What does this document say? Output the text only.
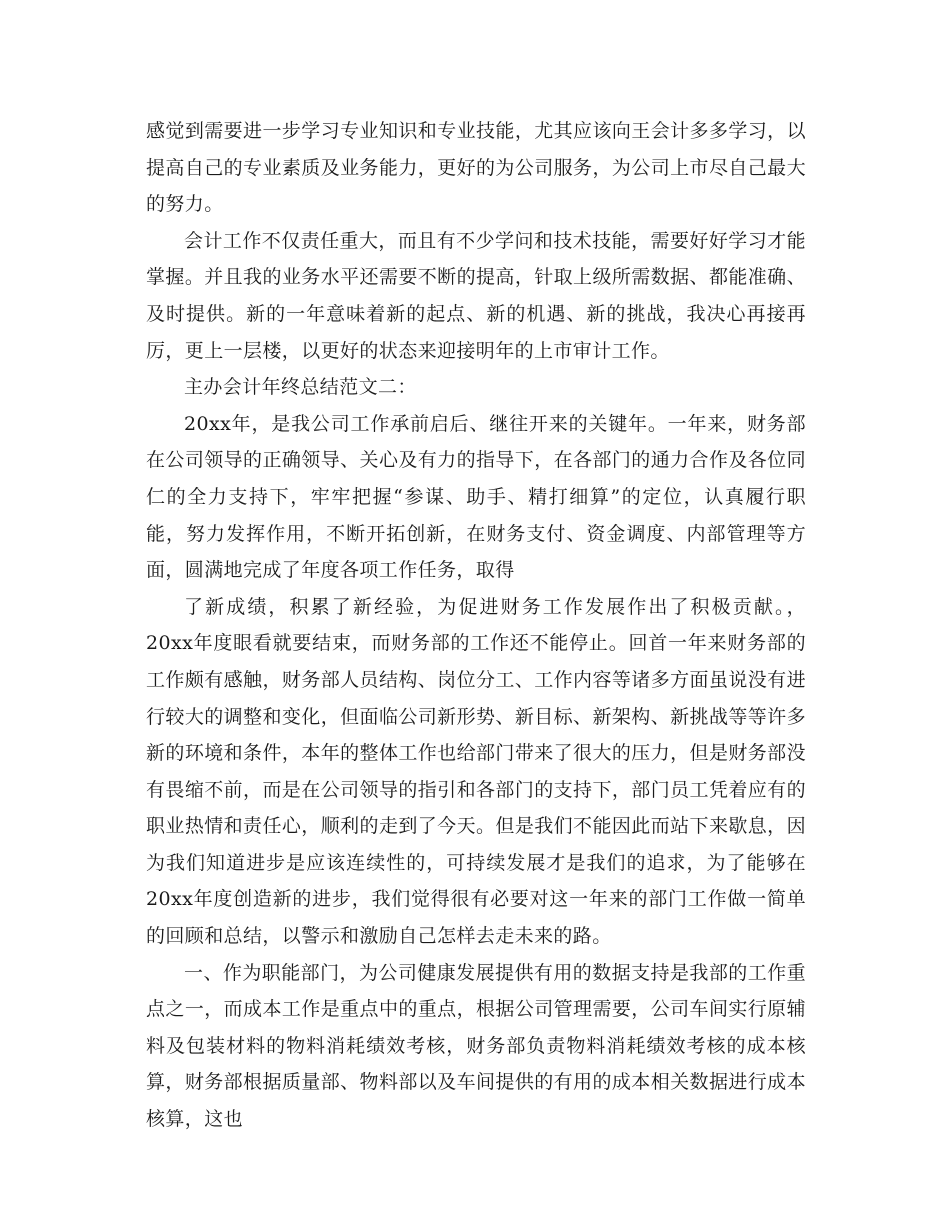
感觉到需要进一步学习专业知识和专业技能，尤其应该向王会计多多学习，以提高自己的专业素质及业务能力，更好的为公司服务，为公司上市尽自己最大的努力。

会计工作不仅责任重大，而且有不少学问和技术技能，需要好好学习才能掌握。并且我的业务水平还需要不断的提高，针取上级所需数据、都能准确、及时提供。新的一年意味着新的起点、新的机遇、新的挑战，我决心再接再厉，更上一层楼，以更好的状态来迎接明年的上市审计工作。

主办会计年终总结范文二：

20xx年，是我公司工作承前启后、继往开来的关键年。一年来，财务部在公司领导的正确领导、关心及有力的指导下，在各部门的通力合作及各位同仁的全力支持下，牢牢把握“参谋、助手、精打细算”的定位，认真履行职能，努力发挥作用，不断开拓创新，在财务支付、资金调度、内部管理等方面，圆满地完成了年度各项工作任务，取得

了新成绩，积累了新经验，为促进财务工作发展作出了积极贡献。， 20xx年度眼看就要结束，而财务部的工作还不能停止。回首一年来财务部的工作颇有感触，财务部人员结构、岗位分工、工作内容等诸多方面虽说没有进行较大的调整和变化，但面临公司新形势、新目标、新架构、新挑战等等许多新的环境和条件，本年的整体工作也给部门带来了很大的压力，但是财务部没有畏缩不前，而是在公司领导的指引和各部门的支持下，部门员工凭着应有的职业热情和责任心，顺利的走到了今天。但是我们不能因此而站下来歇息，因为我们知道进步是应该连续性的，可持续发展才是我们的追求，为了能够在20xx年度创造新的进步，我们觉得很有必要对这一年来的部门工作做一简单的回顾和总结，以警示和激励自己怎样去走未来的路。

一、作为职能部门，为公司健康发展提供有用的数据支持是我部的工作重点之一，而成本工作是重点中的重点，根据公司管理需要，公司车间实行原辅料及包装材料的物料消耗绩效考核，财务部负责物料消耗绩效考核的成本核算，财务部根据质量部、物料部以及车间提供的有用的成本相关数据进行成本核算，这也
